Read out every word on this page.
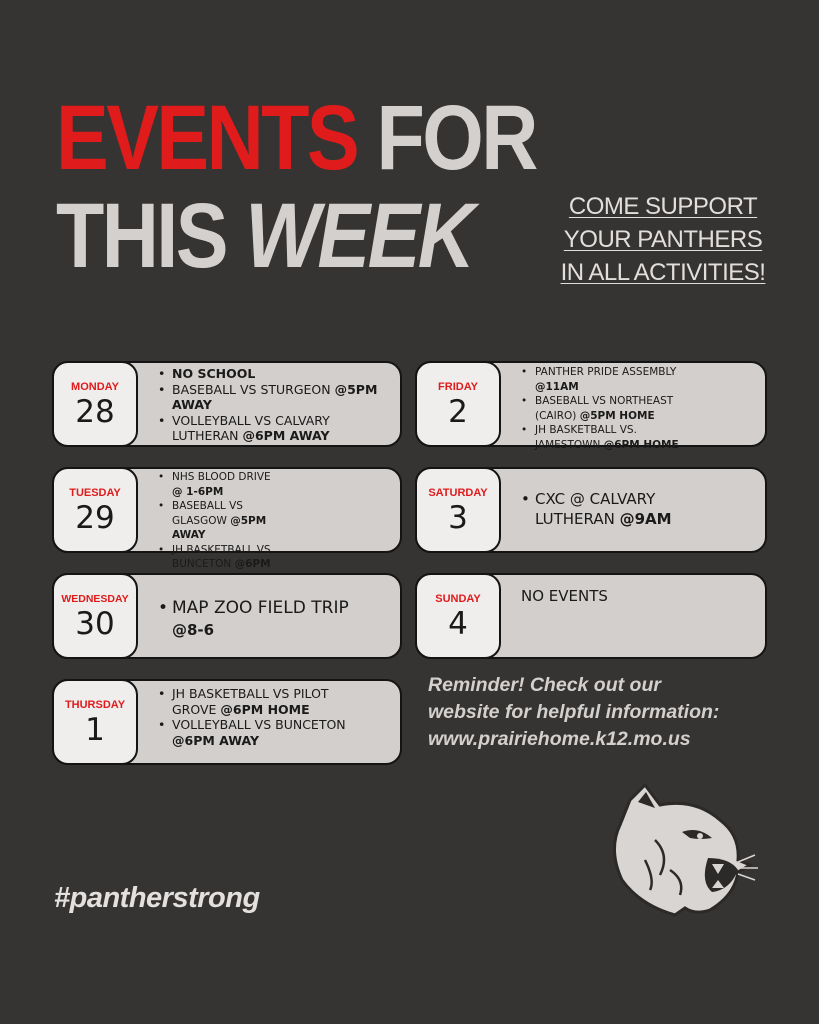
EVENTS FOR
THIS WEEK	COME SUPPORT
YOUR PANTHERS
IN ALL ACTIVITIES!
MONDAY
28
• NO SCHOOL
• BASEBALL VS STURGEON @5PM AWAY
• VOLLEYBALL VS CALVARY LUTHERAN @6PM AWAY
TUESDAY
29
• NHS BLOOD DRIVE @ 1-6PM
• BASEBALL VS GLASGOW @5PM AWAY
• JH BASKETBALL VS BUNCETON @6PM
•
WEDNESDAY
30
•	MAP ZOO FIELD TRIP @8-6
THURSDAY
1
• JH BASKETBALL VS PILOT GROVE @6PM HOME
• VOLLEYBALL VS BUNCETON @6PM AWAY
FRIDAY
2
• PANTHER PRIDE ASSEMBLY @11AM
• BASEBALL VS NORTHEAST (CAIRO) @5PM HOME
• JH BASKETBALL VS. JAMESTOWN @6PM HOME
SATURDAY
3
• CXC @ CALVARY LUTHERAN @9AM
SUNDAY
4
NO EVENTS
Reminder! Check out our
website for helpful information:
www.prairiehome.k12.mo.us
#pantherstrong
